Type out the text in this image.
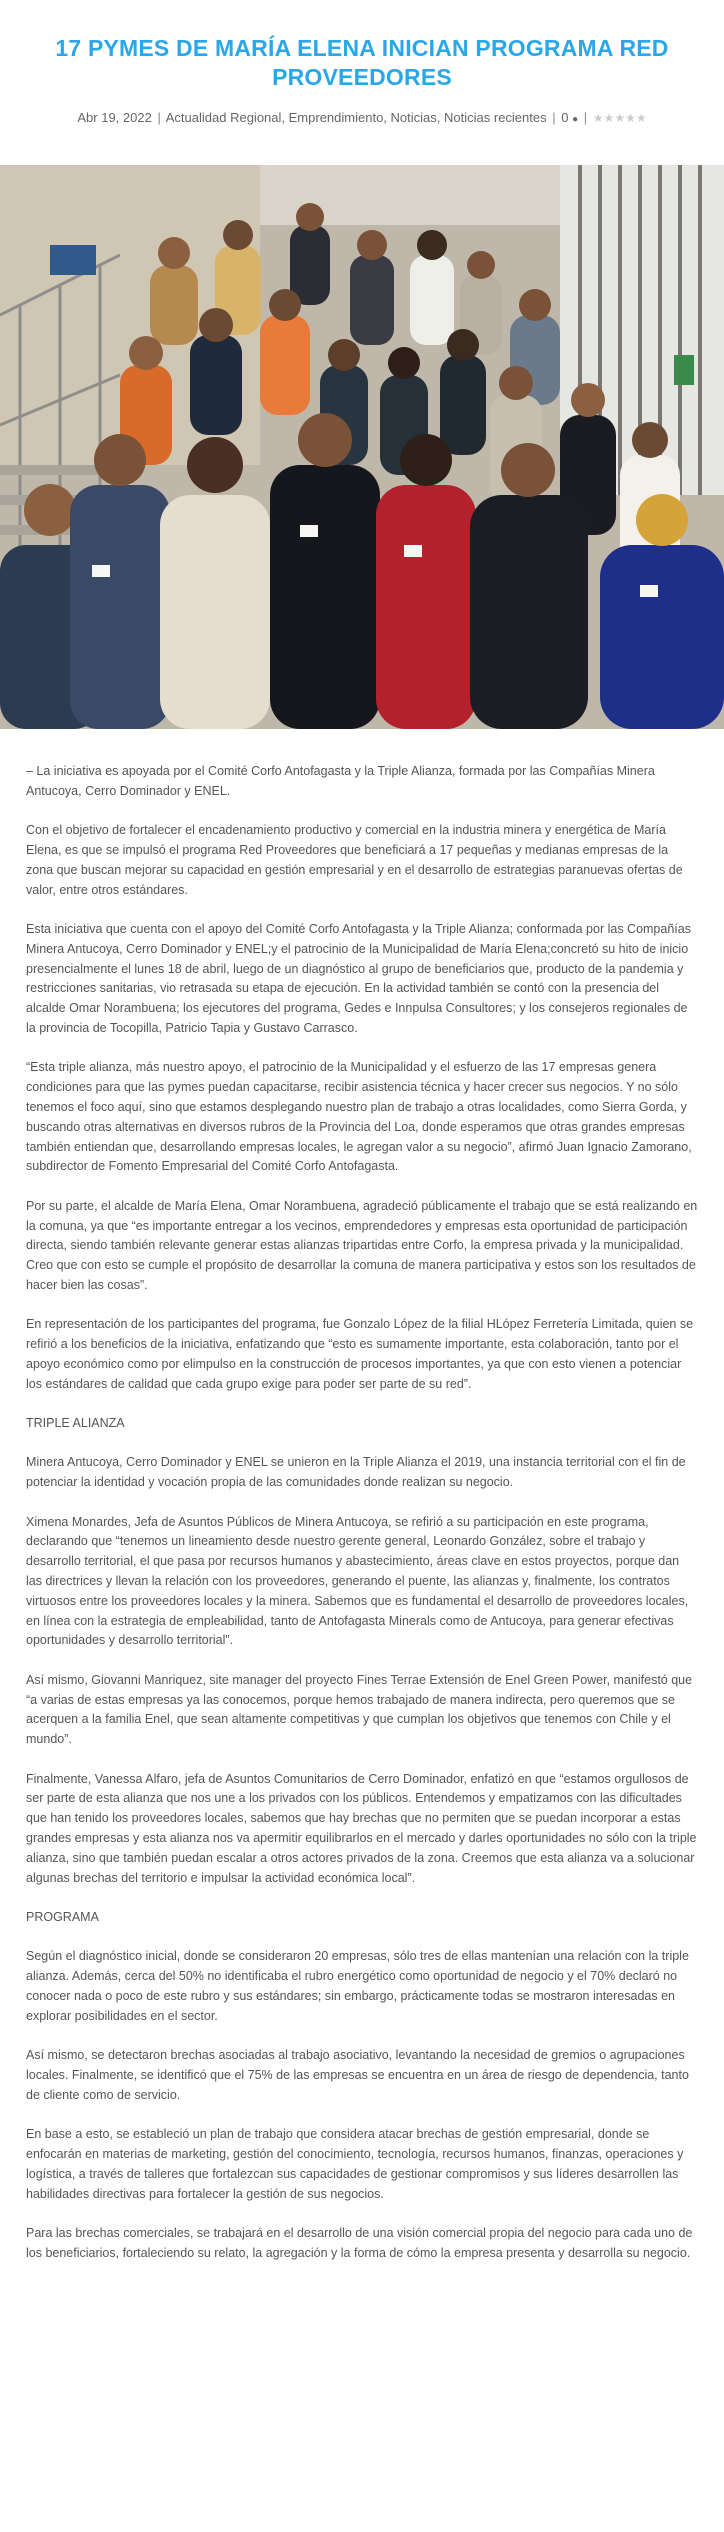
17 PYMES DE MARÍA ELENA INICIAN PROGRAMA RED PROVEEDORES
Abr 19, 2022 | Actualidad Regional, Emprendimiento, Noticias, Noticias recientes | 0 ● | ★★★★★

– La iniciativa es apoyada por el Comité Corfo Antofagasta y la Triple Alianza, formada por las Compañías Minera Antucoya, Cerro Dominador y ENEL.

Con el objetivo de fortalecer el encadenamiento productivo y comercial en la industria minera y energética de María Elena, es que se impulsó el programa Red Proveedores que beneficiará a 17 pequeñas y medianas empresas de la zona que buscan mejorar su capacidad en gestión empresarial y en el desarrollo de estrategias paranuevas ofertas de valor, entre otros estándares.

Esta iniciativa que cuenta con el apoyo del Comité Corfo Antofagasta y la Triple Alianza; conformada por las Compañías Minera Antucoya, Cerro Dominador y ENEL;y el patrocinio de la Municipalidad de María Elena;concretó su hito de inicio presencialmente el lunes 18 de abril, luego de un diagnóstico al grupo de beneficiarios que, producto de la pandemia y restricciones sanitarias, vio retrasada su etapa de ejecución. En la actividad también se contó con la presencia del alcalde Omar Norambuena; los ejecutores del programa, Gedes e Innpulsa Consultores; y los consejeros regionales de la provincia de Tocopilla, Patricio Tapia y Gustavo Carrasco.

“Esta triple alianza, más nuestro apoyo, el patrocinio de la Municipalidad y el esfuerzo de las 17 empresas genera condiciones para que las pymes puedan capacitarse, recibir asistencia técnica y hacer crecer sus negocios. Y no sólo tenemos el foco aquí, sino que estamos desplegando nuestro plan de trabajo a otras localidades, como Sierra Gorda, y buscando otras alternativas en diversos rubros de la Provincia del Loa, donde esperamos que otras grandes empresas también entiendan que, desarrollando empresas locales, le agregan valor a su negocio”, afirmó Juan Ignacio Zamorano, subdirector de Fomento Empresarial del Comité Corfo Antofagasta.

Por su parte, el alcalde de María Elena, Omar Norambuena, agradeció públicamente el trabajo que se está realizando en la comuna, ya que “es importante entregar a los vecinos, emprendedores y empresas esta oportunidad de participación directa, siendo también relevante generar estas alianzas tripartidas entre Corfo, la empresa privada y la municipalidad. Creo que con esto se cumple el propósito de desarrollar la comuna de manera participativa y estos son los resultados de hacer bien las cosas”.

En representación de los participantes del programa, fue Gonzalo López de la filial HLópez Ferretería Limitada, quien se refirió a los beneficios de la iniciativa, enfatizando que “esto es sumamente importante, esta colaboración, tanto por el apoyo económico como por elimpulso en la construcción de procesos importantes, ya que con esto vienen a potenciar los estándares de calidad que cada grupo exige para poder ser parte de su red”.

TRIPLE ALIANZA

Minera Antucoya, Cerro Dominador y ENEL se unieron en la Triple Alianza el 2019, una instancia territorial con el fin de potenciar la identidad y vocación propia de las comunidades donde realizan su negocio.

Ximena Monardes, Jefa de Asuntos Públicos de Minera Antucoya, se refirió a su participación en este programa, declarando que “tenemos un lineamiento desde nuestro gerente general, Leonardo González, sobre el trabajo y desarrollo territorial, el que pasa por recursos humanos y abastecimiento, áreas clave en estos proyectos, porque dan las directrices y llevan la relación con los proveedores, generando el puente, las alianzas y, finalmente, los contratos virtuosos entre los proveedores locales y la minera. Sabemos que es fundamental el desarrollo de proveedores locales, en línea con la estrategia de empleabilidad, tanto de Antofagasta Minerals como de Antucoya, para generar efectivas oportunidades y desarrollo territorial”.

Así mismo, Giovanni Manriquez, site manager del proyecto Fines Terrae Extensión de Enel Green Power, manifestó que “a varias de estas empresas ya las conocemos, porque hemos trabajado de manera indirecta, pero queremos que se acerquen a la familia Enel, que sean altamente competitivas y que cumplan los objetivos que tenemos con Chile y el mundo”.

Finalmente, Vanessa Alfaro, jefa de Asuntos Comunitarios de Cerro Dominador, enfatizó en que “estamos orgullosos de ser parte de esta alianza que nos une a los privados con los públicos. Entendemos y empatizamos con las dificultades que han tenido los proveedores locales, sabemos que hay brechas que no permiten que se puedan incorporar a estas grandes empresas y esta alianza nos va apermitir equilibrarlos en el mercado y darles oportunidades no sólo con la triple alianza, sino que también puedan escalar a otros actores privados de la zona. Creemos que esta alianza va a solucionar algunas brechas del territorio e impulsar la actividad económica local”.

PROGRAMA

Según el diagnóstico inicial, donde se consideraron 20 empresas, sólo tres de ellas mantenían una relación con la triple alianza. Además, cerca del 50% no identificaba el rubro energético como oportunidad de negocio y el 70% declaró no conocer nada o poco de este rubro y sus estándares; sin embargo, prácticamente todas se mostraron interesadas en explorar posibilidades en el sector.

Así mismo, se detectaron brechas asociadas al trabajo asociativo, levantando la necesidad de gremios o agrupaciones locales. Finalmente, se identificó que el 75% de las empresas se encuentra en un área de riesgo de dependencia, tanto de cliente como de servicio.

En base a esto, se estableció un plan de trabajo que considera atacar brechas de gestión empresarial, donde se enfocarán en materias de marketing, gestión del conocimiento, tecnología, recursos humanos, finanzas, operaciones y logística, a través de talleres que fortalezcan sus capacidades de gestionar compromisos y sus líderes desarrollen las habilidades directivas para fortalecer la gestión de sus negocios.

Para las brechas comerciales, se trabajará en el desarrollo de una visión comercial propia del negocio para cada uno de los beneficiarios, fortaleciendo su relato, la agregación y la forma de cómo la empresa presenta y desarrolla su negocio.
